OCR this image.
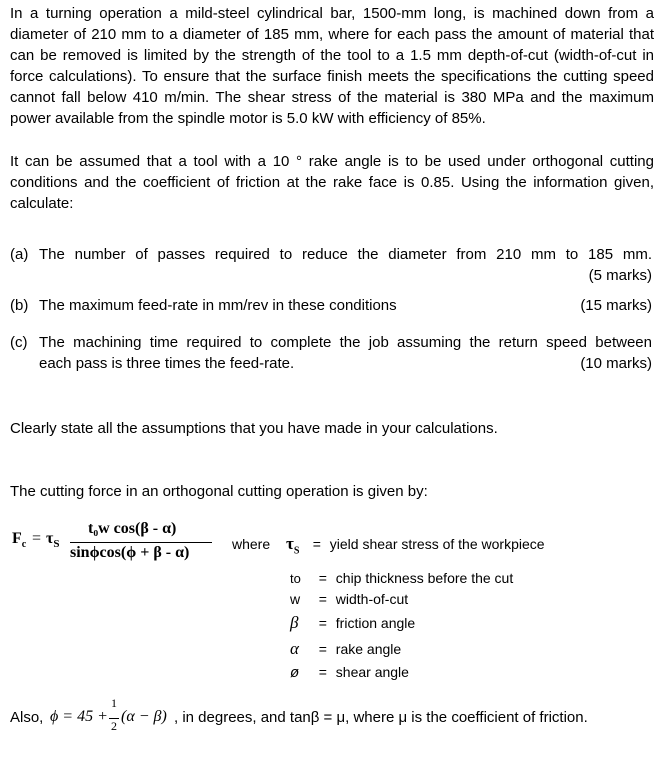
In a turning operation a mild-steel cylindrical bar, 1500-mm long, is machined down from a diameter of 210 mm to a diameter of 185 mm, where for each pass the amount of material that can be removed is limited by the strength of the tool to a 1.5 mm depth-of-cut (width-of-cut in force calculations). To ensure that the surface finish meets the specifications the cutting speed cannot fall below 410 m/min. The shear stress of the material is 380 MPa and the maximum power available from the spindle motor is 5.0 kW with efficiency of 85%.

It can be assumed that a tool with a 10 ° rake angle is to be used under orthogonal cutting conditions and the coefficient of friction at the rake face is 0.85. Using the information given, calculate:

(a) The number of passes required to reduce the diameter from 210 mm to 185 mm.
(5 marks)
(b) The maximum feed-rate in mm/rev in these conditions	(15 marks)
(c) The machining time required to complete the job assuming the return speed between
each pass is three times the feed-rate.	(10 marks)
Clearly state all the assumptions that you have made in your calculations.
The cutting force in an orthogonal cutting operation is given by:
$F_c = \tau_S$
t₀w cos(β - α)
sinϕcos(ϕ + β - α)	where $\tau_S$ = yield shear stress of the workpiece
to = chip thickness before the cut
w = width-of-cut
β = friction angle
α = rake angle
ø = shear angle
Also, ϕ = 45 +
1
2
(α − β) , in degrees, and tanβ = μ, where μ is the coefficient of friction.
